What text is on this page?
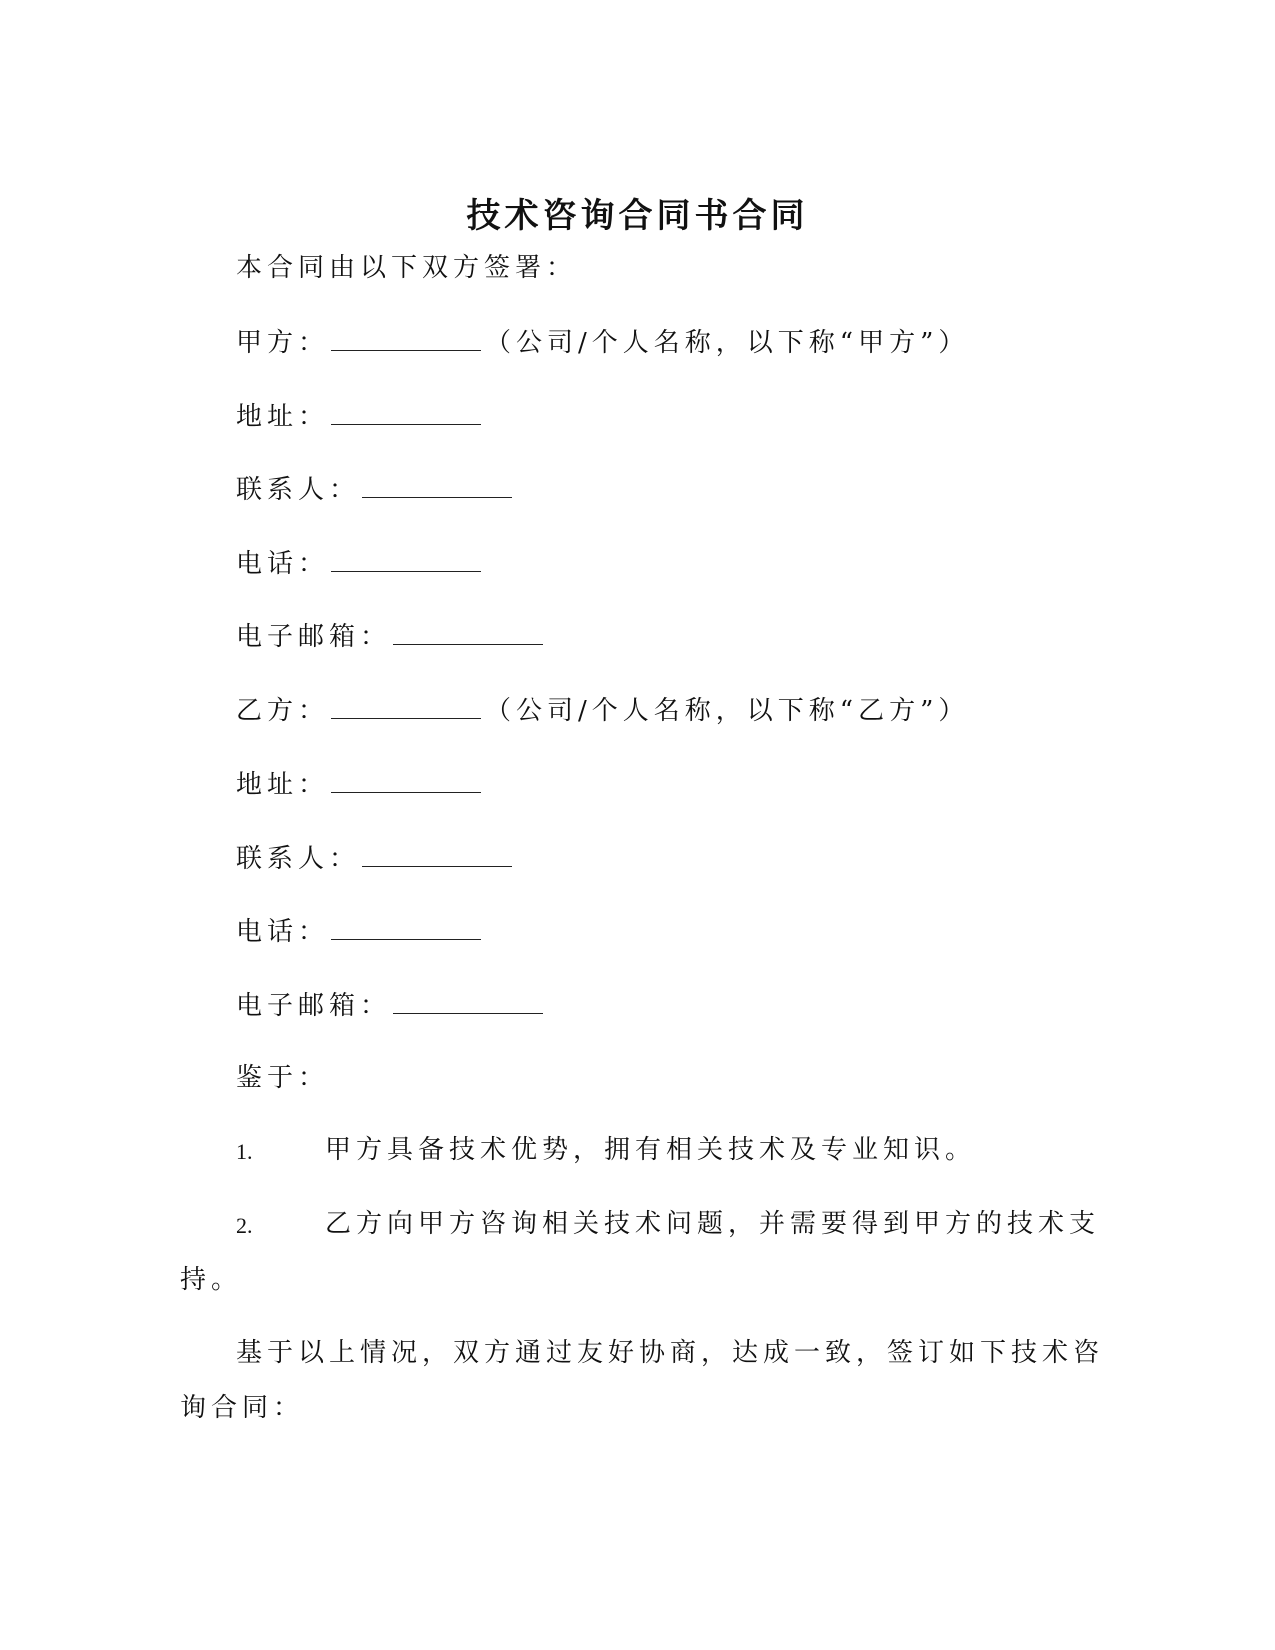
技术咨询合同书合同
本合同由以下双方签署：
甲方：	（公司/个人名称，以下称“甲方”）
地址：
联系人：
电话：
电子邮箱：
乙方：	（公司/个人名称，以下称“乙方”）
地址：
联系人：
电话：
电子邮箱：
鉴于：
1.	甲方具备技术优势，拥有相关技术及专业知识。
2.	乙方向甲方咨询相关技术问题，并需要得到甲方的技术支
持。
基于以上情况，双方通过友好协商，达成一致，签订如下技术咨
询合同：
